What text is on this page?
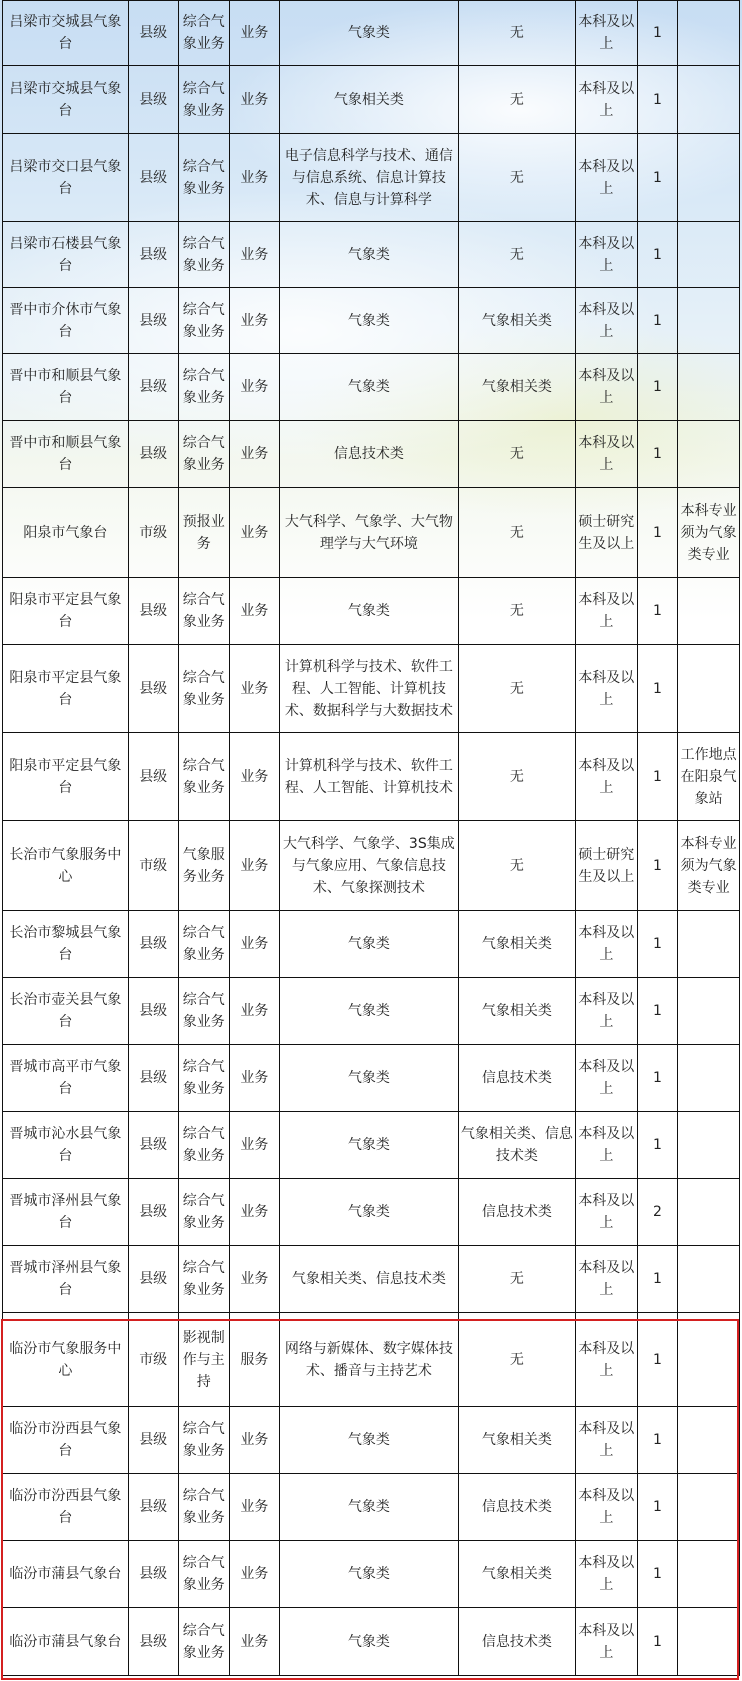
吕梁市交城县气象台	县级	综合气象业务	业务	气象类	无	本科及以上	1	
吕梁市交城县气象台	县级	综合气象业务	业务	气象相关类	无	本科及以上	1	
吕梁市交口县气象台	县级	综合气象业务	业务	电子信息科学与技术、通信与信息系统、信息计算技术、信息与计算科学	无	本科及以上	1	
吕梁市石楼县气象台	县级	综合气象业务	业务	气象类	无	本科及以上	1	
晋中市介休市气象台	县级	综合气象业务	业务	气象类	气象相关类	本科及以上	1	
晋中市和顺县气象台	县级	综合气象业务	业务	气象类	气象相关类	本科及以上	1	
晋中市和顺县气象台	县级	综合气象业务	业务	信息技术类	无	本科及以上	1	
阳泉市气象台	市级	预报业务	业务	大气科学、气象学、大气物理学与大气环境	无	硕士研究生及以上	1	本科专业须为气象类专业
阳泉市平定县气象台	县级	综合气象业务	业务	气象类	无	本科及以上	1	
阳泉市平定县气象台	县级	综合气象业务	业务	计算机科学与技术、软件工程、人工智能、计算机技术、数据科学与大数据技术	无	本科及以上	1	
阳泉市平定县气象台	县级	综合气象业务	业务	计算机科学与技术、软件工程、人工智能、计算机技术	无	本科及以上	1	工作地点在阳泉气象站
长治市气象服务中心	市级	气象服务业务	业务	大气科学、气象学、3S集成与气象应用、气象信息技术、气象探测技术	无	硕士研究生及以上	1	本科专业须为气象类专业
长治市黎城县气象台	县级	综合气象业务	业务	气象类	气象相关类	本科及以上	1	
长治市壶关县气象台	县级	综合气象业务	业务	气象类	气象相关类	本科及以上	1	
晋城市高平市气象台	县级	综合气象业务	业务	气象类	信息技术类	本科及以上	1	
晋城市沁水县气象台	县级	综合气象业务	业务	气象类	气象相关类、信息技术类	本科及以上	1	
晋城市泽州县气象台	县级	综合气象业务	业务	气象类	信息技术类	本科及以上	2	
晋城市泽州县气象台	县级	综合气象业务	业务	气象相关类、信息技术类	无	本科及以上	1	
临汾市气象服务中心	市级	影视制作与主持	服务	网络与新媒体、数字媒体技术、播音与主持艺术	无	本科及以上	1	
临汾市汾西县气象台	县级	综合气象业务	业务	气象类	气象相关类	本科及以上	1	
临汾市汾西县气象台	县级	综合气象业务	业务	气象类	信息技术类	本科及以上	1	
临汾市蒲县气象台	县级	综合气象业务	业务	气象类	气象相关类	本科及以上	1	
临汾市蒲县气象台	县级	综合气象业务	业务	气象类	信息技术类	本科及以上	1	
